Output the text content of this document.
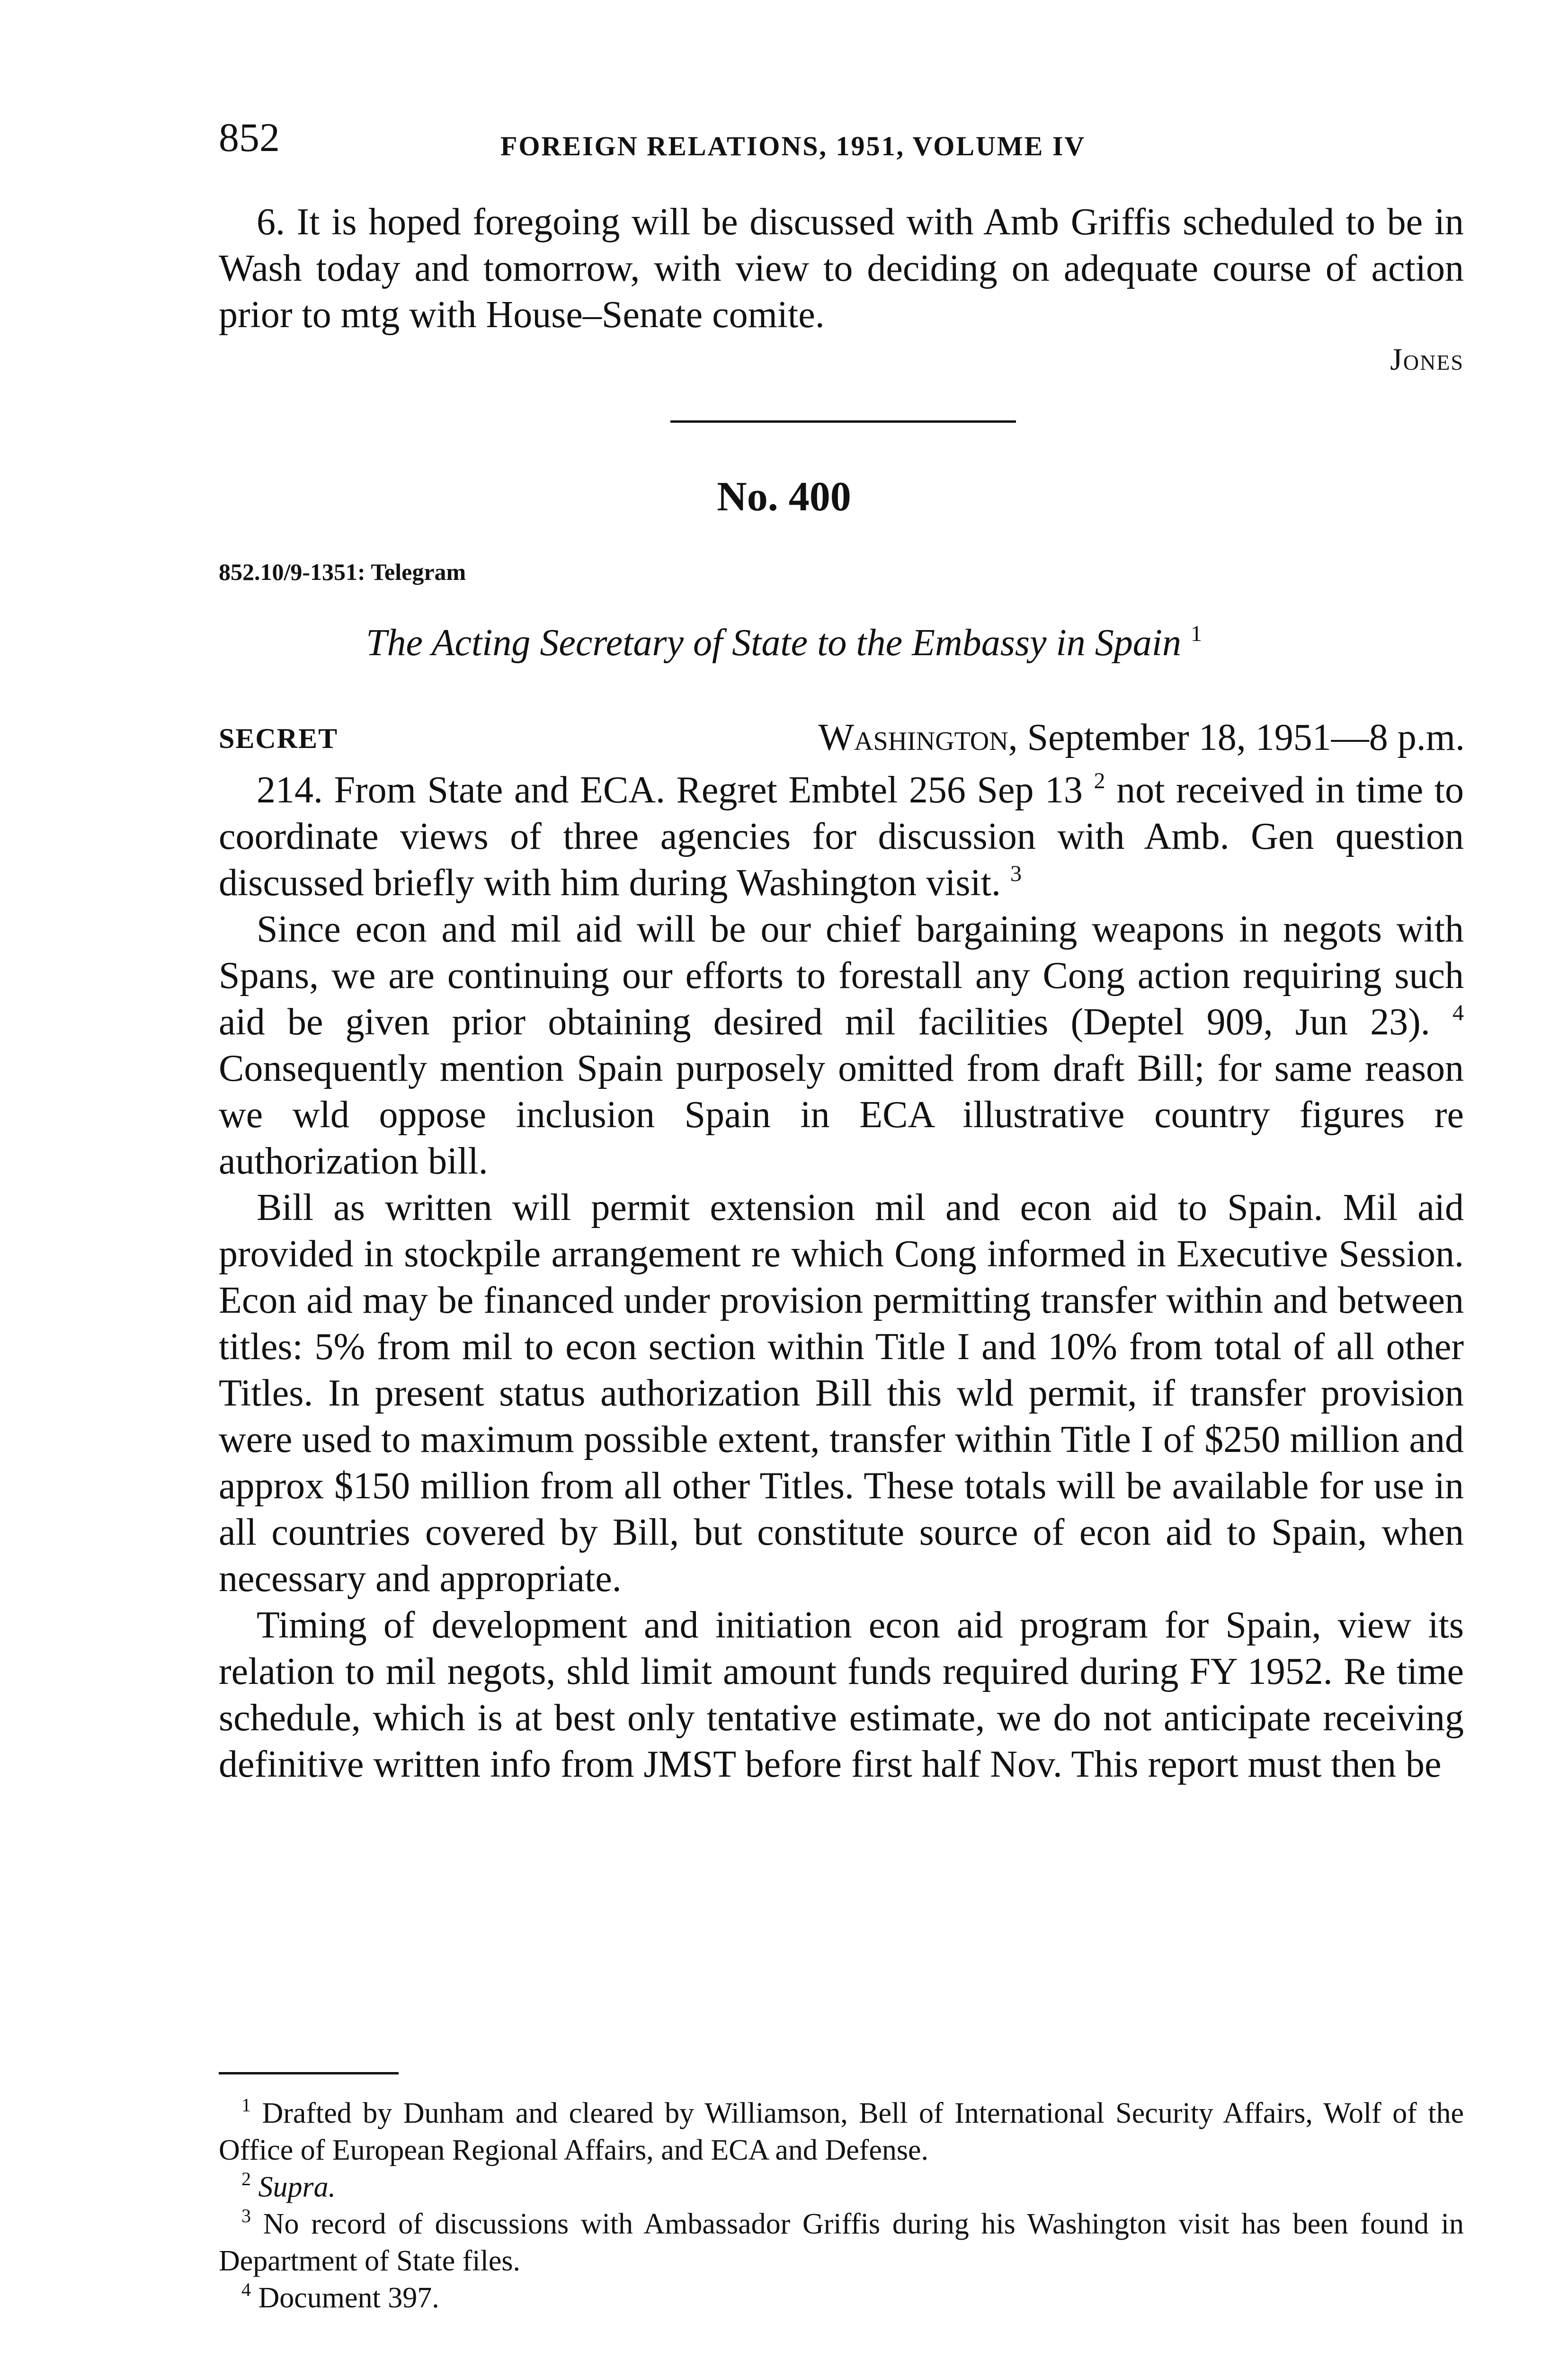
852	FOREIGN RELATIONS, 1951, VOLUME IV

6. It is hoped foregoing will be discussed with Amb Griffis scheduled to be in Wash today and tomorrow, with view to deciding on adequate course of action prior to mtg with House–Senate comite.

Jones
No. 400
852.10/9-1351: Telegram
The Acting Secretary of State to the Embassy in Spain $^1$
SECRET	Washington, September 18, 1951—8 p.m.

214. From State and ECA. Regret Embtel 256 Sep 13 $^2$ not received in time to coordinate views of three agencies for discussion with Amb. Gen question discussed briefly with him during Washington visit. $^3$

Since econ and mil aid will be our chief bargaining weapons in negots with Spans, we are continuing our efforts to forestall any Cong action requiring such aid be given prior obtaining desired mil facilities (Deptel 909, Jun 23). $^4$ Consequently mention Spain purposely omitted from draft Bill; for same reason we wld oppose inclusion Spain in ECA illustrative country figures re authorization bill.

Bill as written will permit extension mil and econ aid to Spain. Mil aid provided in stockpile arrangement re which Cong informed in Executive Session. Econ aid may be financed under provision permitting transfer within and between titles: 5% from mil to econ section within Title I and 10% from total of all other Titles. In present status authorization Bill this wld permit, if transfer provision were used to maximum possible extent, transfer within Title I of $250 million and approx $150 million from all other Titles. These totals will be available for use in all countries covered by Bill, but constitute source of econ aid to Spain, when necessary and appropriate.

Timing of development and initiation econ aid program for Spain, view its relation to mil negots, shld limit amount funds required during FY 1952. Re time schedule, which is at best only tentative estimate, we do not anticipate receiving definitive written info from JMST before first half Nov. This report must then be

$^1$ Drafted by Dunham and cleared by Williamson, Bell of International Security Affairs, Wolf of the Office of European Regional Affairs, and ECA and Defense.

$^2$ Supra.

$^3$ No record of discussions with Ambassador Griffis during his Washington visit has been found in Department of State files.

$^4$ Document 397.
